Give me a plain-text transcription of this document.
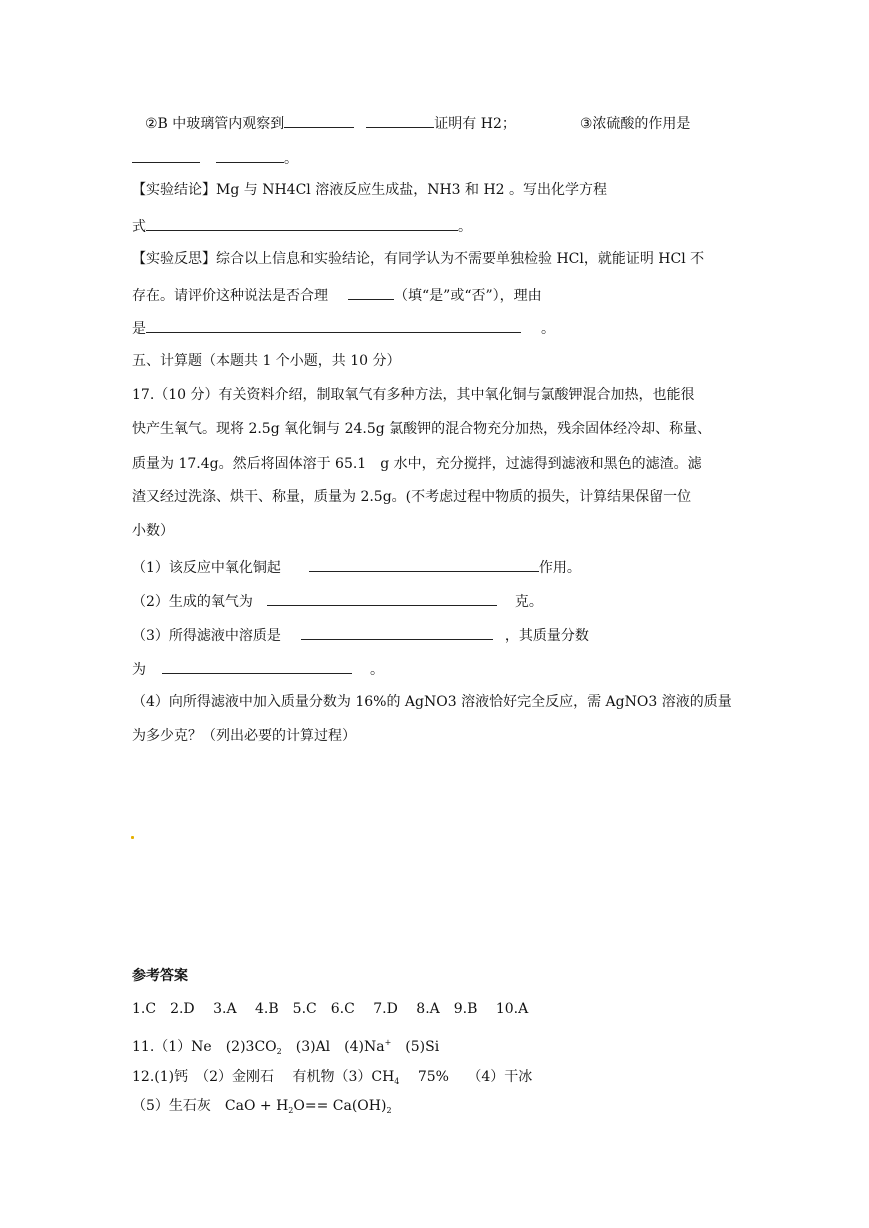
②B 中玻璃管内观察到	证明有 H2；	③浓硫酸的作用是
。
【实验结论】Mg 与 NH4Cl 溶液反应生成盐，NH3 和 H2 。写出化学方程
式	。
【实验反思】综合以上信息和实验结论，有同学认为不需要单独检验 HCl，就能证明 HCl 不
存在。请评价这种说法是否合理	（填“是”或“否”），理由
是	。
五、计算题（本题共 1 个小题，共 10 分）
17.（10 分）有关资料介绍，制取氧气有多种方法，其中氧化铜与氯酸钾混合加热，也能很
快产生氧气。现将 2.5g 氧化铜与 24.5g 氯酸钾的混合物充分加热，残余固体经冷却、称量、
质量为 17.4g。然后将固体溶于 65.1　g 水中，充分搅拌，过滤得到滤液和黑色的滤渣。滤
渣又经过洗涤、烘干、称量，质量为 2.5g。(不考虑过程中物质的损失，计算结果保留一位
小数）
（1）该反应中氧化铜起	作用。
（2）生成的氧气为	克。
（3）所得滤液中溶质是	，其质量分数
为	。
（4）向所得滤液中加入质量分数为 16%的 AgNO3 溶液恰好完全反应，需 AgNO3 溶液的质量
为多少克？（列出必要的计算过程）
参考答案
1.C　2.D　 3.A　 4.B　5.C　6.C　 7.D　 8.A　9.B　 10.A
11.（1）Ne　$(2)3CO_2$　(3)Al　(4)Na+　(5)Si
12.(1)钙　（2）金刚石　 有机物$(3)CH_4$　 75%　 （4）干冰
（5）生石灰　CaO + $H_2O== Ca(OH)_2$
